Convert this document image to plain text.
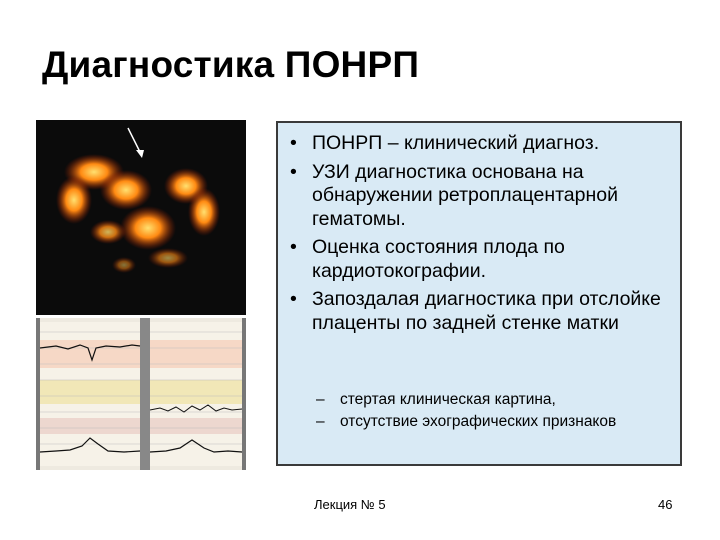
Диагностика ПОНРП
• ПОНРП – клинический диагноз.
• УЗИ диагностика основана на обнаружении ретроплацентарной гематомы.
• Оценка состояния плода по кардиотокографии.
• Запоздалая диагностика при отслойке плаценты по задней стенке матки
– стертая клиническая картина,
– отсутствие эхографических признаков
Лекция № 5	46
